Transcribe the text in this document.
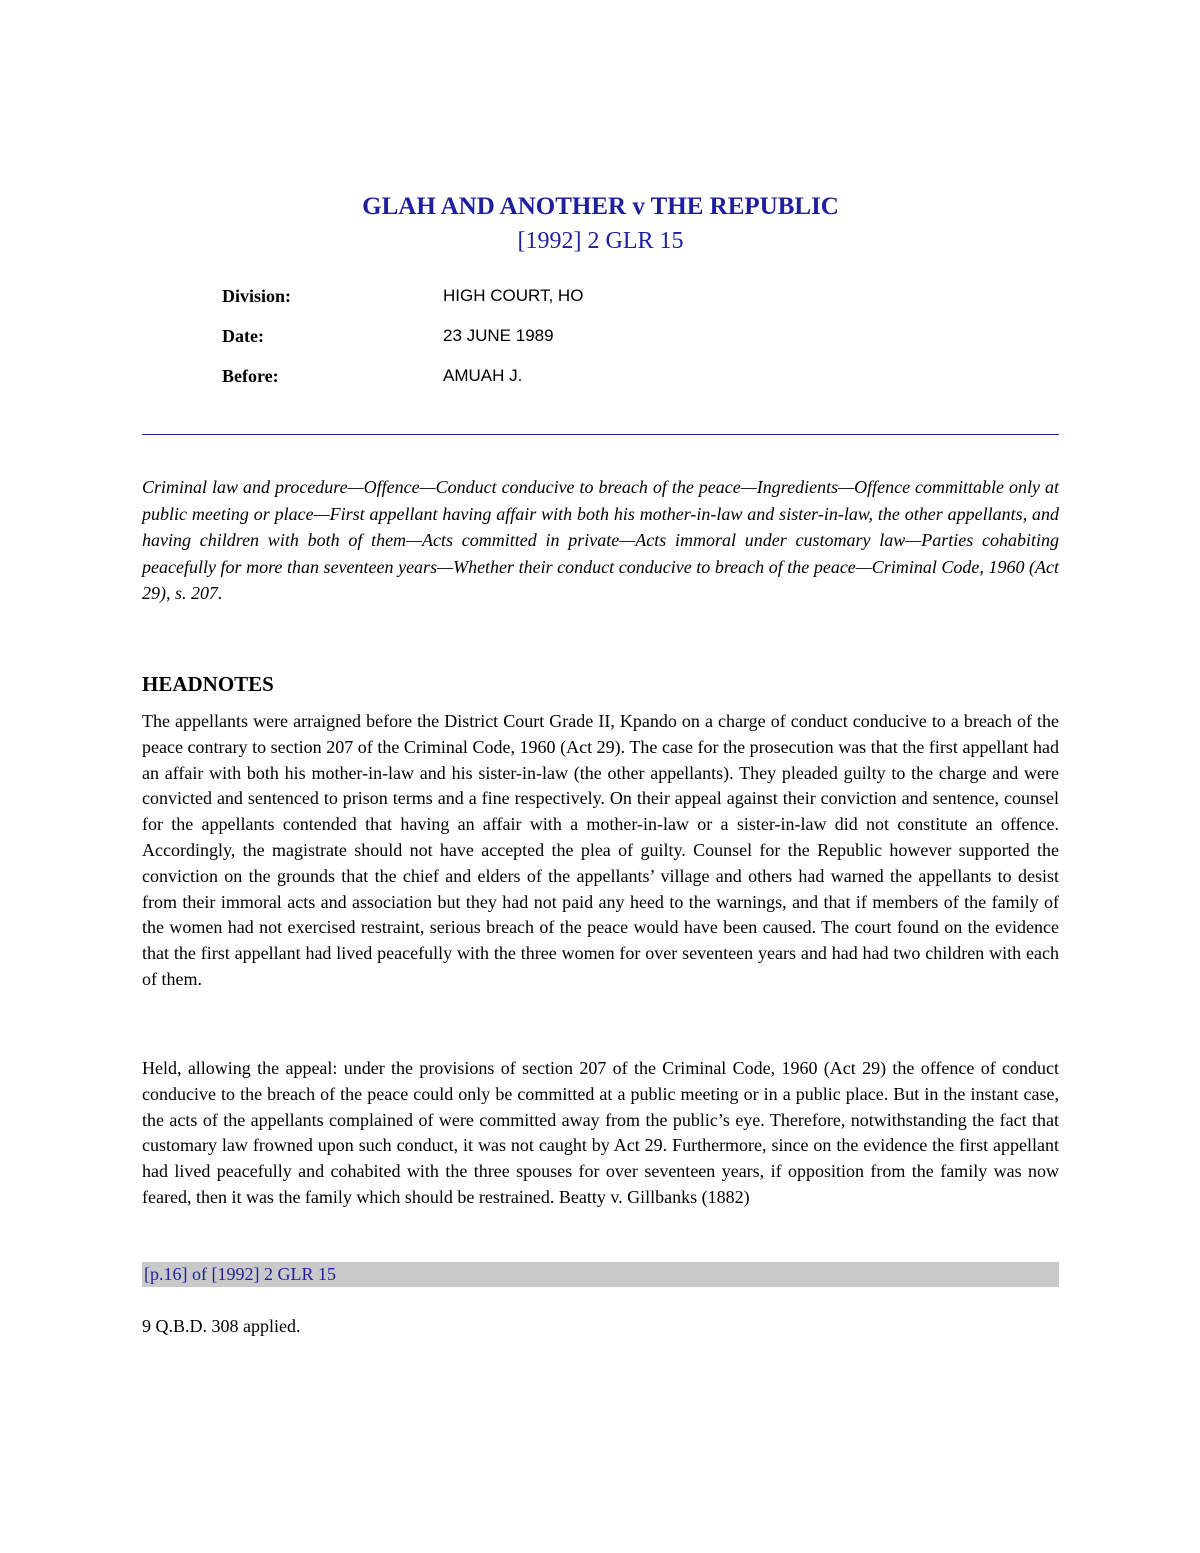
GLAH AND ANOTHER v THE REPUBLIC
[1992] 2 GLR 15
Division:	HIGH COURT, HO
Date:	23 JUNE 1989
Before:	AMUAH J.

Criminal law and procedure—Offence—Conduct conducive to breach of the peace—Ingredients—Offence committable only at public meeting or place—First appellant having affair with both his mother-in-law and sister-in-law, the other appellants, and having children with both of them—Acts committed in private—Acts immoral under customary law—Parties cohabiting peacefully for more than seventeen years—Whether their conduct conducive to breach of the peace—Criminal Code, 1960 (Act 29), s. 207.

HEADNOTES

The appellants were arraigned before the District Court Grade II, Kpando on a charge of conduct conducive to a breach of the peace contrary to section 207 of the Criminal Code, 1960 (Act 29). The case for the prosecution was that the first appellant had an affair with both his mother-in-law and his sister-in-law (the other appellants). They pleaded guilty to the charge and were convicted and sentenced to prison terms and a fine respectively. On their appeal against their conviction and sentence, counsel for the appellants contended that having an affair with a mother-in-law or a sister-in-law did not constitute an offence. Accordingly, the magistrate should not have accepted the plea of guilty. Counsel for the Republic however supported the conviction on the grounds that the chief and elders of the appellants’ village and others had warned the appellants to desist from their immoral acts and association but they had not paid any heed to the warnings, and that if members of the family of the women had not exercised restraint, serious breach of the peace would have been caused. The court found on the evidence that the first appellant had lived peacefully with the three women for over seventeen years and had had two children with each of them.

Held, allowing the appeal: under the provisions of section 207 of the Criminal Code, 1960 (Act 29) the offence of conduct conducive to the breach of the peace could only be committed at a public meeting or in a public place. But in the instant case, the acts of the appellants complained of were committed away from the public’s eye. Therefore, notwithstanding the fact that customary law frowned upon such conduct, it was not caught by Act 29. Furthermore, since on the evidence the first appellant had lived peacefully and cohabited with the three spouses for over seventeen years, if opposition from the family was now feared, then it was the family which should be restrained. Beatty v. Gillbanks (1882)

[p.16] of [1992] 2 GLR 15

9 Q.B.D. 308 applied.
